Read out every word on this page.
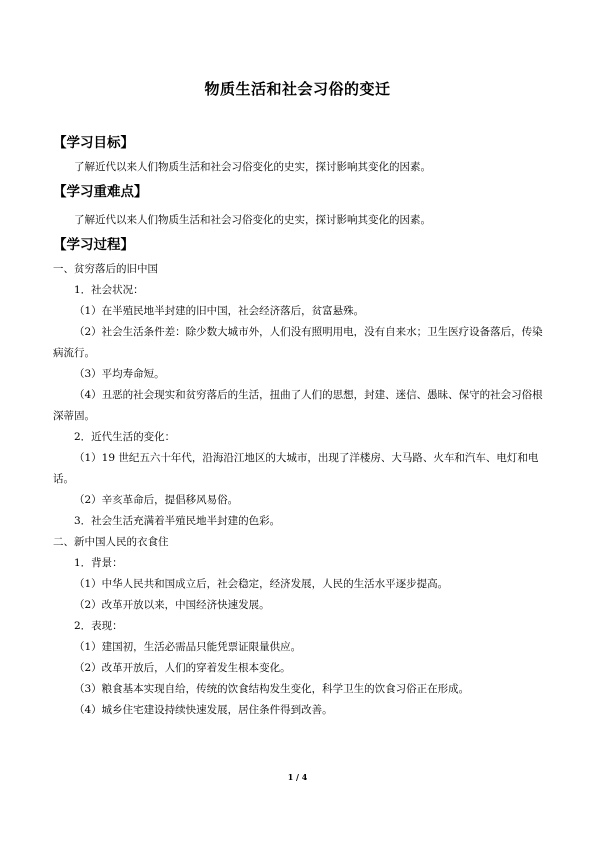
物质生活和社会习俗的变迁

【学习目标】

了解近代以来人们物质生活和社会习俗变化的史实，探讨影响其变化的因素。

【学习重难点】

了解近代以来人们物质生活和社会习俗变化的史实，探讨影响其变化的因素。

【学习过程】

一、贫穷落后的旧中国

1．社会状况：

（1）在半殖民地半封建的旧中国，社会经济落后，贫富悬殊。

（2）社会生活条件差：除少数大城市外，人们没有照明用电，没有自来水；卫生医疗设备落后，传染病流行。

（3）平均寿命短。

（4）丑恶的社会现实和贫穷落后的生活，扭曲了人们的思想，封建、迷信、愚昧、保守的社会习俗根深蒂固。

2．近代生活的变化：

（1）19 世纪五六十年代，沿海沿江地区的大城市，出现了洋楼房、大马路、火车和汽车、电灯和电话。

（2）辛亥革命后，提倡移风易俗。

3．社会生活充满着半殖民地半封建的色彩。

二、新中国人民的衣食住

1．背景：

（1）中华人民共和国成立后，社会稳定，经济发展，人民的生活水平逐步提高。

（2）改革开放以来，中国经济快速发展。

2．表现：

（1）建国初，生活必需品只能凭票证限量供应。

（2）改革开放后，人们的穿着发生根本变化。

（3）粮食基本实现自给，传统的饮食结构发生变化，科学卫生的饮食习俗正在形成。

（4）城乡住宅建设持续快速发展，居住条件得到改善。

1 / 4
